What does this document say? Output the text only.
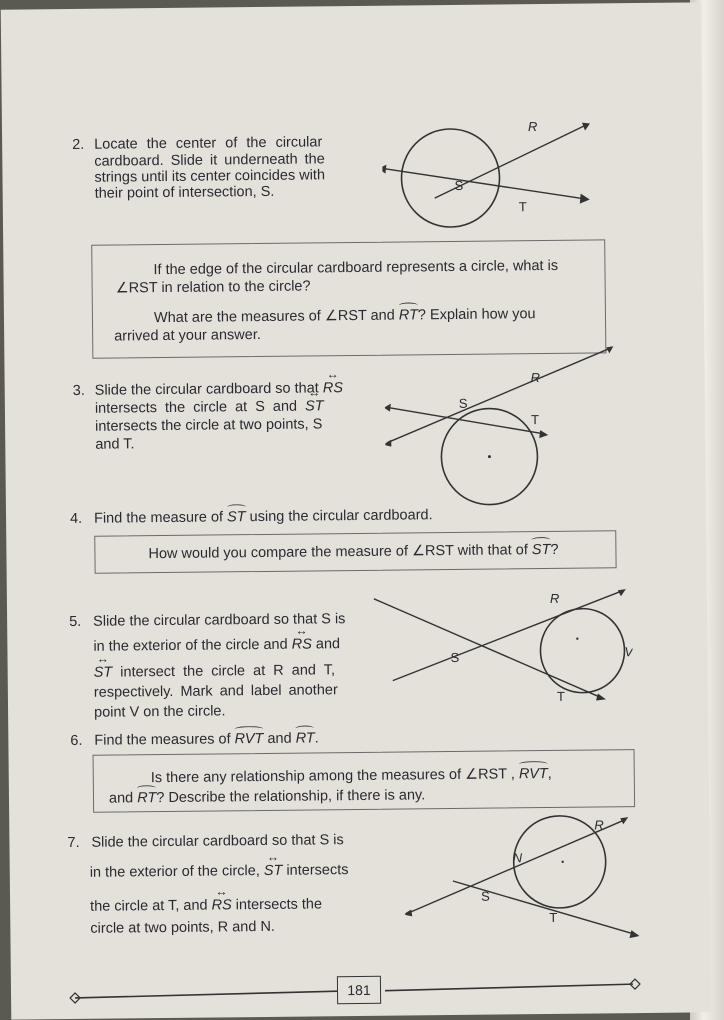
2. Locate the center of the circular
cardboard. Slide it underneath the
strings until its center coincides with
their point of intersection, S.
R
S
T
If the edge of the circular cardboard represents a circle, what is
∠RST in relation to the circle?
What are the measures of ∠RST and RT? Explain how you
arrived at your answer.
3. Slide the circular cardboard so that ↔ RS
intersects the circle at S and ↔ ST
intersects the circle at two points, S
and T.
R
S
T
4. Find the measure of ST using the circular cardboard.
How would you compare the measure of ∠RST with that of ST?
5. Slide the circular cardboard so that S is
in the exterior of the circle and ↔ RS and
↔ ST intersect the circle at R and T,
respectively. Mark and label another
point V on the circle.
R
S
T
V
6. Find the measures of RVT and RT.
Is there any relationship among the measures of ∠RST , RVT,
and RT? Describe the relationship, if there is any.
7. Slide the circular cardboard so that S is
in the exterior of the circle, ↔ ST intersects
the circle at T, and ↔ RS intersects the
circle at two points, R and N.
R
N
S
T
181
